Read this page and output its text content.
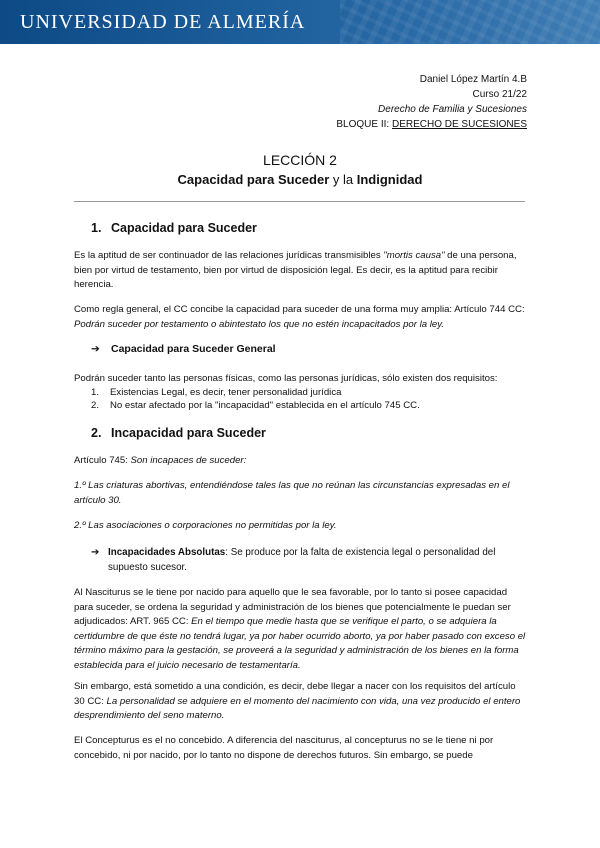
UNIVERSIDAD DE ALMERÍA
Daniel López Martín 4.B
Curso 21/22
Derecho de Familia y Sucesiones
BLOQUE II: DERECHO DE SUCESIONES
LECCIÓN 2
Capacidad para Suceder y la Indignidad
1. Capacidad para Suceder
Es la aptitud de ser continuador de las relaciones jurídicas transmisibles "mortis causa" de una persona, bien por virtud de testamento, bien por virtud de disposición legal. Es decir, es la aptitud para recibir herencia.
Como regla general, el CC concibe la capacidad para suceder de una forma muy amplia: Artículo 744 CC: Podrán suceder por testamento o abintestato los que no estén incapacitados por la ley.
➔ Capacidad para Suceder General
Podrán suceder tanto las personas físicas, como las personas jurídicas, sólo existen dos requisitos:
1. Existencias Legal, es decir, tener personalidad jurídica
2. No estar afectado por la "incapacidad" establecida en el artículo 745 CC.
2. Incapacidad para Suceder
Artículo 745: Son incapaces de suceder:
1.º Las criaturas abortivas, entendiéndose tales las que no reúnan las circunstancias expresadas en el artículo 30.
2.º Las asociaciones o corporaciones no permitidas por la ley.
➔ Incapacidades Absolutas: Se produce por la falta de existencia legal o personalidad del supuesto sucesor.
Al Nasciturus se le tiene por nacido para aquello que le sea favorable, por lo tanto si posee capacidad para suceder, se ordena la seguridad y administración de los bienes que potencialmente le puedan ser adjudicados: ART. 965 CC: En el tiempo que medie hasta que se verifique el parto, o se adquiera la certidumbre de que éste no tendrá lugar, ya por haber ocurrido aborto, ya por haber pasado con exceso el término máximo para la gestación, se proveerá a la seguridad y administración de los bienes en la forma establecida para el juicio necesario de testamentaría.
Sin embargo, está sometido a una condición, es decir, debe llegar a nacer con los requisitos del artículo 30 CC: La personalidad se adquiere en el momento del nacimiento con vida, una vez producido el entero desprendimiento del seno materno.
El Concepturus es el no concebido. A diferencia del nasciturus, al concepturus no se le tiene ni por concebido, ni por nacido, por lo tanto no dispone de derechos futuros. Sin embargo, se puede
